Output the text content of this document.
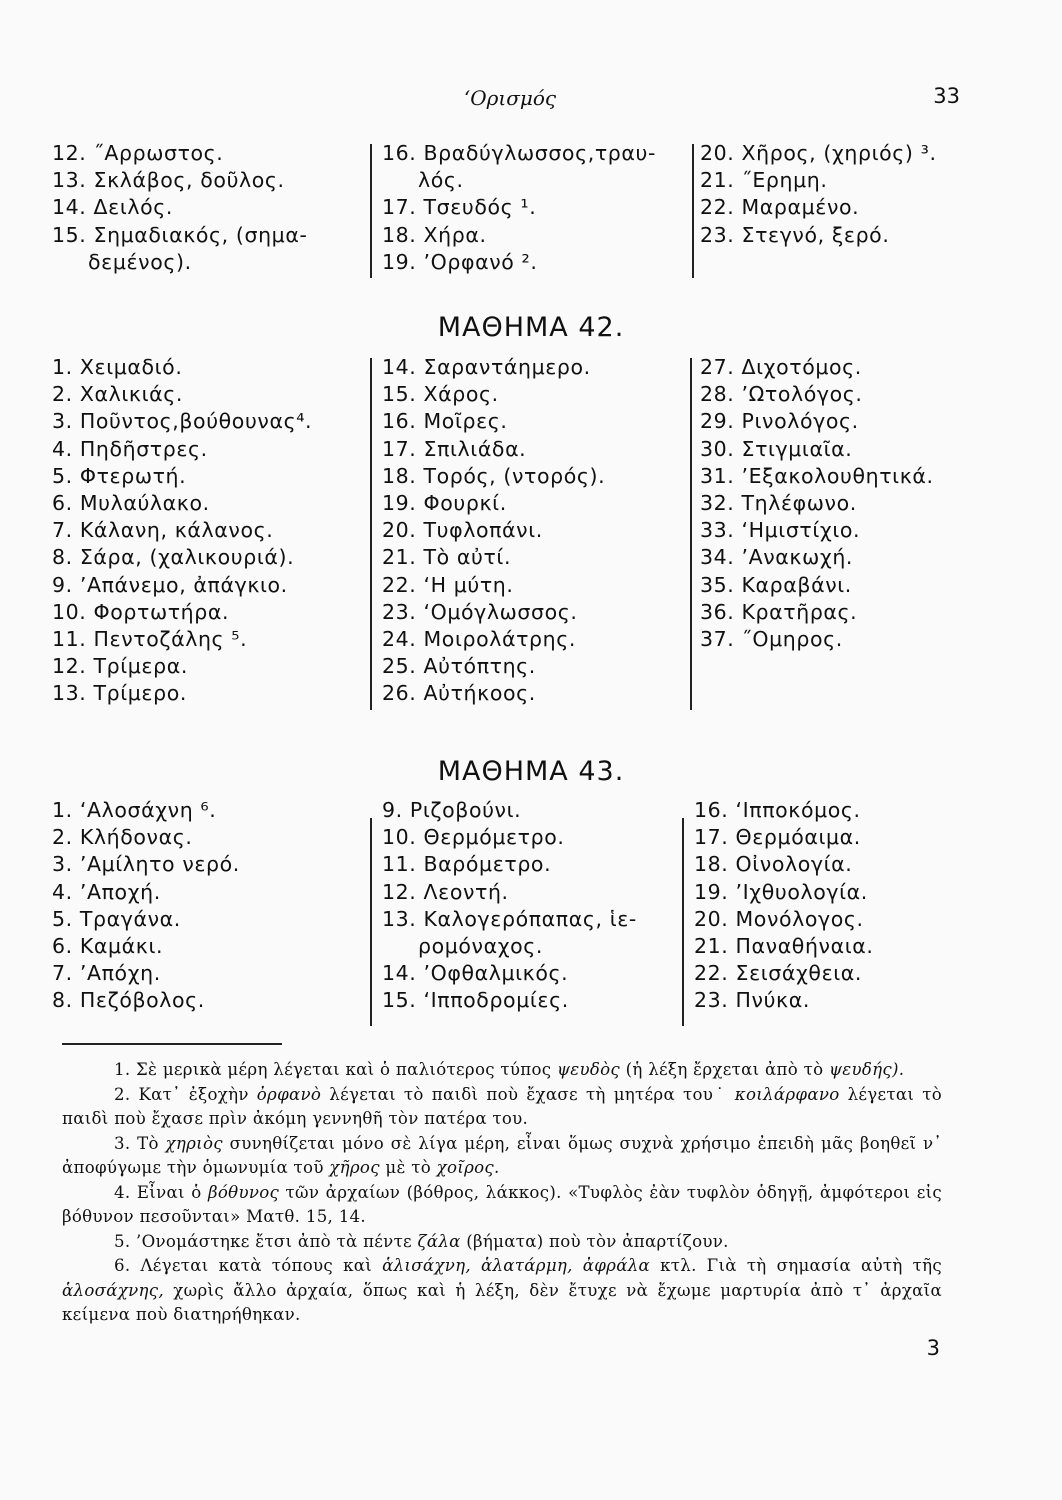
‘Ορισμός	33
12. ˝Αρρωστος.
13. Σκλάβος, δοῦλος.
14. Δειλός.
15. Σημαδιακός, (σημα-
δεμένος).
16. Βραδύγλωσσος,τραυ-
λός.
17. Τσευδός ¹.
18. Χήρα.
19. ’Ορφανό ².

20. Χῆρος, (χηριός) ³.
21. ˝Ερημη.
22. Μαραμένο.
23. Στεγνό, ξερό.
ΜΑΘΗΜΑ 42.
1. Χειμαδιό.
2. Χαλικιάς.
3. Ποῦντος,βούθουνας⁴.
4. Πηδῆστρες.
5. Φτερωτή.
6. Μυλαύλακο.
7. Κάλανη, κάλανος.
8. Σάρα, (χαλικουριά).
9. ’Απάνεμο, ἀπάγκιο.
10. Φορτωτήρα.
11. Πεντοζάλης ⁵.
12. Τρίμερα.
13. Τρίμερο.
14. Σαραντάημερο.
15. Χάρος.
16. Μοῖρες.
17. Σπιλιάδα.
18. Τορός, (ντορός).
19. Φουρκί.
20. Τυφλοπάνι.
21. Τὸ αὐτί.
22. ‘Η μύτη.
23. ‘Ομόγλωσσος.
24. Μοιρολάτρης.
25. Αὐτόπτης.
26. Αὐτήκοος.
27. Διχοτόμος.
28. ’Ωτολόγος.
29. Ρινολόγος.
30. Στιγμιαῖα.
31. ’Εξακολουθητικά.
32. Τηλέφωνο.
33. ‘Ημιστίχιο.
34. ’Ανακωχή.
35. Καραβάνι.
36. Κρατῆρας.
37. ˝Ομηρος.
ΜΑΘΗΜΑ 43.
1. ‘Αλοσάχνη ⁶.
2. Κλήδονας.
3. ’Αμίλητο νερό.
4. ’Αποχή.
5. Τραγάνα.
6. Καμάκι.
7. ’Απόχη.
8. Πεζόβολος.
9. Ριζοβούνι.
10. Θερμόμετρο.
11. Βαρόμετρο.
12. Λεοντή.
13. Καλογερόπαπας, ἱε-
ρομόναχος.
14. ’Οφθαλμικός.
15. ‘Ιπποδρομίες.
16. ‘Ιπποκόμος.
17. Θερμόαιμα.
18. Οἰνολογία.
19. ’Ιχθυολογία.
20. Μονόλογος.
21. Παναθήναια.
22. Σεισάχθεια.
23. Πνύκα.

1. Σὲ μερικὰ μέρη λέγεται καὶ ὁ παλιότερος τύπος ψευδὸς (ἡ λέξη ἔρχεται ἀπὸ τὸ ψευδής).

2. Κατ᾽ ἐξοχὴν ὀρφανὸ λέγεται τὸ παιδὶ ποὺ ἔχασε τὴ μητέρα του˙ κοιλάρφανο λέγεται τὸ παιδὶ ποὺ ἔχασε πρὶν ἀκόμη γεννηθῆ τὸν πατέρα του.

3. Τὸ χηριὸς συνηθίζεται μόνο σὲ λίγα μέρη, εἶναι ὅμως συχνὰ χρήσιμο ἐπειδὴ μᾶς βοηθεῖ ν᾽ ἀποφύγωμε τὴν ὁμωνυμία τοῦ χῆρος μὲ τὸ χοῖρος.

4. Εἶναι ὁ βόθυνος τῶν ἀρχαίων (βόθρος, λάκκος). «Τυφλὸς ἐὰν τυφλὸν ὁδηγῇ, ἀμφότεροι εἰς βόθυνον πεσοῦνται» Ματθ. 15, 14.

5. ’Ονομάστηκε ἔτσι ἀπὸ τὰ πέντε ζάλα (βήματα) ποὺ τὸν ἀπαρτίζουν.

6. Λέγεται κατὰ τόπους καὶ ἁλισάχνη, ἁλατάρμη, ἀφράλα κτλ. Γιὰ τὴ σημασία αὐτὴ τῆς ἁλοσάχνης, χωρὶς ἄλλο ἀρχαία, ὅπως καὶ ἡ λέξη, δὲν ἔτυχε νὰ ἔχωμε μαρτυρία ἀπὸ τ᾽ ἀρχαῖα κείμενα ποὺ διατηρήθηκαν.

3
